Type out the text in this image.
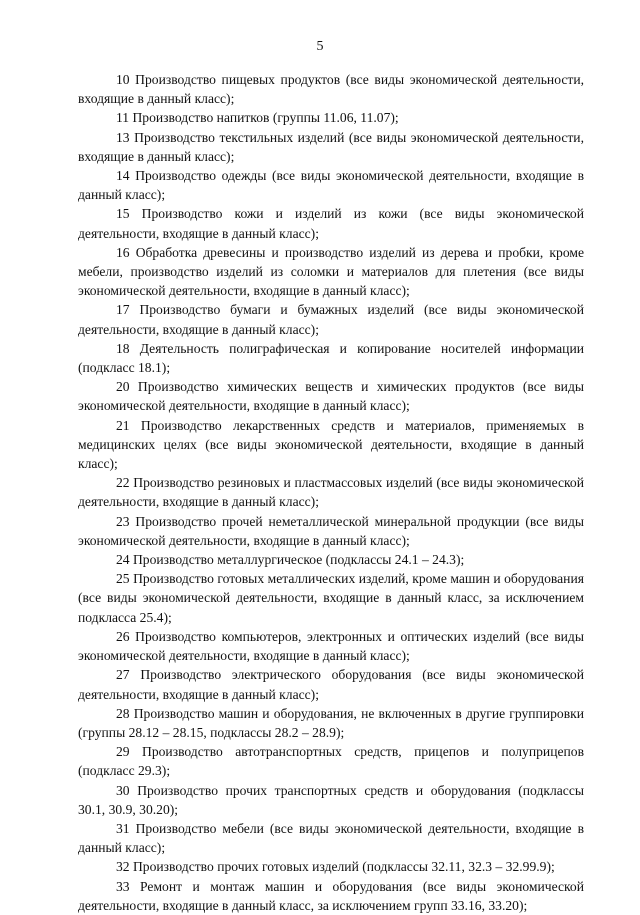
5

10 Производство пищевых продуктов (все виды экономической деятельности, входящие в данный класс);

11 Производство напитков (группы 11.06, 11.07);

13 Производство текстильных изделий (все виды экономической деятельности, входящие в данный класс);

14 Производство одежды (все виды экономической деятельности, входящие в данный класс);

15 Производство кожи и изделий из кожи (все виды экономической деятельности, входящие в данный класс);

16 Обработка древесины и производство изделий из дерева и пробки, кроме мебели, производство изделий из соломки и материалов для плетения (все виды экономической деятельности, входящие в данный класс);

17 Производство бумаги и бумажных изделий (все виды экономической деятельности, входящие в данный класс);

18 Деятельность полиграфическая и копирование носителей информации (подкласс 18.1);

20 Производство химических веществ и химических продуктов (все виды экономической деятельности, входящие в данный класс);

21 Производство лекарственных средств и материалов, применяемых в медицинских целях (все виды экономической деятельности, входящие в данный класс);

22 Производство резиновых и пластмассовых изделий (все виды экономической деятельности, входящие в данный класс);

23 Производство прочей неметаллической минеральной продукции (все виды экономической деятельности, входящие в данный класс);

24 Производство металлургическое (подклассы 24.1 – 24.3);

25 Производство готовых металлических изделий, кроме машин и оборудования (все виды экономической деятельности, входящие в данный класс, за исключением подкласса 25.4);

26 Производство компьютеров, электронных и оптических изделий (все виды экономической деятельности, входящие в данный класс);

27 Производство электрического оборудования (все виды экономической деятельности, входящие в данный класс);

28 Производство машин и оборудования, не включенных в другие группировки (группы 28.12 – 28.15, подклассы 28.2 – 28.9);

29 Производство автотранспортных средств, прицепов и полуприцепов (подкласс 29.3);

30 Производство прочих транспортных средств и оборудования (подклассы 30.1, 30.9, 30.20);

31 Производство мебели (все виды экономической деятельности, входящие в данный класс);

32 Производство прочих готовых изделий (подклассы 32.11, 32.3 – 32.99.9);

33 Ремонт и монтаж машин и оборудования (все виды экономической деятельности, входящие в данный класс, за исключением групп 33.16, 33.20);
